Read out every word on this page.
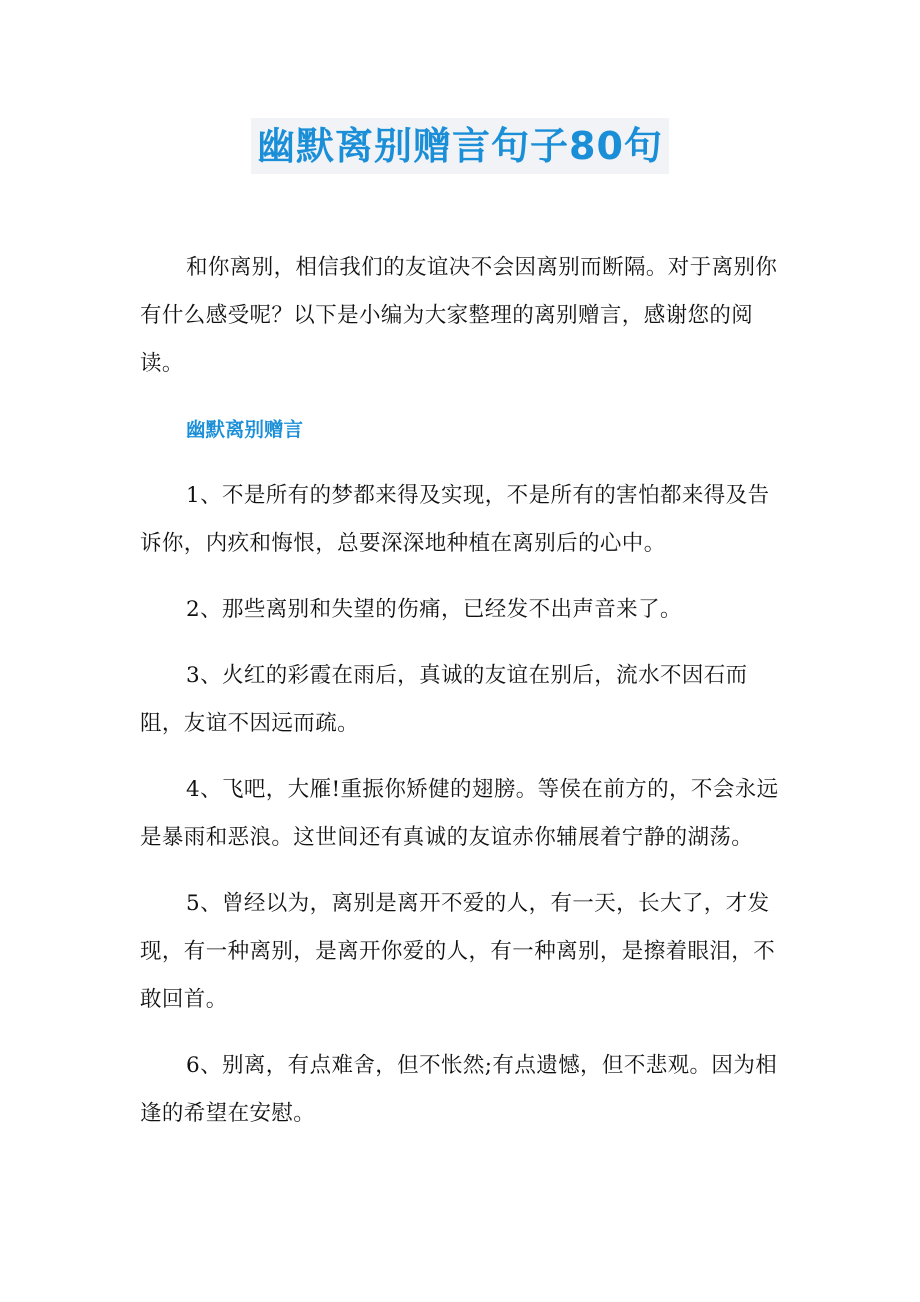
幽默离别赠言句子80句

和你离别，相信我们的友谊决不会因离别而断隔。对于离别你有什么感受呢？以下是小编为大家整理的离别赠言，感谢您的阅读。

幽默离别赠言

1、不是所有的梦都来得及实现，不是所有的害怕都来得及告诉你，内疚和悔恨，总要深深地种植在离别后的心中。

2、那些离别和失望的伤痛，已经发不出声音来了。

3、火红的彩霞在雨后，真诚的友谊在别后，流水不因石而阻，友谊不因远而疏。

4、飞吧，大雁!重振你矫健的翅膀。等侯在前方的，不会永远是暴雨和恶浪。这世间还有真诚的友谊赤你辅展着宁静的湖荡。

5、曾经以为，离别是离开不爱的人，有一天，长大了，才发现，有一种离别，是离开你爱的人，有一种离别，是擦着眼泪，不敢回首。

6、别离，有点难舍，但不怅然;有点遗憾，但不悲观。因为相逢的希望在安慰。
